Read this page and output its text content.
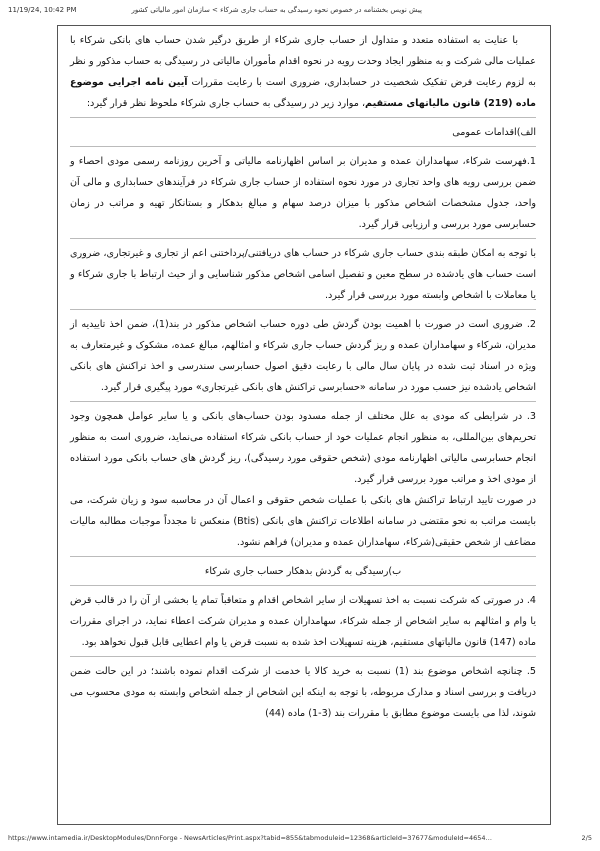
11/19/24, 10:42 PM	پیش نویس بخشنامه در خصوص نحوه رسیدگی به حساب جاری شرکاء > سازمان امور مالیاتی کشور

با عنایت به استفاده متعدد و متداول از حساب جاری شرکاء از طریق درگیر شدن حساب های بانکی شرکاء با عملیات مالی شرکت و به منظور ایجاد وحدت رویه در نحوه اقدام مأموران مالیاتی در رسیدگی به حساب مذکور و نظر به لزوم رعایت فرض تفکیک شخصیت در حسابداری، ضروری است با رعایت مقررات آیین نامه اجرایی موضوع ماده (219) قانون مالیاتهای مستقیم، موارد زیر در رسیدگی به حساب جاری شرکاء ملحوظ نظر قرار گیرد:

الف)اقدامات عمومی

1.فهرست شرکاء، سهامداران عمده و مدیران بر اساس اظهارنامه مالیاتی و آخرین روزنامه رسمی مودی احصاء و ضمن بررسی رویه های واحد تجاری در مورد نحوه استفاده از حساب جاری شرکاء در فرآیندهای حسابداری و مالی آن واحد، جدول مشخصات اشخاص مذکور با میزان درصد سهام و مبالغ بدهکار و بستانکار تهیه و مراتب در زمان حسابرسی مورد بررسی و ارزیابی قرار گیرد.

با توجه به امکان طبقه بندی حساب جاری شرکاء در حساب های دریافتنی/پرداختنی اعم از تجاری و غیرتجاری، ضروری است حساب های یادشده در سطح معین و تفصیل اسامی اشخاص مذکور شناسایی و از حیث ارتباط با جاری شرکاء و یا معاملات با اشخاص وابسته مورد بررسی قرار گیرد.

2. ضروری است در صورت با اهمیت بودن گردش طی دوره حساب اشخاص مذکور در بند(1)، ضمن اخذ تاییدیه از مدیران، شرکاء و سهامداران عمده و ریز گردش حساب جاری شرکاء و امثالهم، مبالغ عمده، مشکوک و غیرمتعارف به ویژه در اسناد ثبت شده در پایان سال مالی با رعایت دقیق اصول حسابرسی سندرسی و اخذ تراکنش های بانکی اشخاص یادشده نیز حسب مورد در سامانه «حسابرسی تراکنش های بانکی غیرتجاری» مورد پیگیری قرار گیرد.

3. در شرایطی که مودی به علل مختلف از جمله مسدود بودن حساب‌های بانکی و یا سایر عوامل همچون وجود تحریم‌های بین‌المللی، به منظور انجام عملیات خود از حساب بانکی شرکاء استفاده می‌نماید، ضروری است به منظور انجام حسابرسی مالیاتی اظهارنامه مودی (شخص حقوقی مورد رسیدگی)، ریز گردش های حساب بانکی مورد استفاده از مودی اخذ و مراتب مورد بررسی قرار گیرد.

در صورت تایید ارتباط تراکنش های بانکی با عملیات شخص حقوقی و اعمال آن در محاسبه سود و زیان شرکت، می بایست مراتب به نحو مقتضی در سامانه اطلاعات تراکنش های بانکی (Btis) منعکس تا مجدداً موجبات مطالبه مالیات مضاعف از شخص حقیقی(شرکاء، سهامداران عمده و مدیران) فراهم نشود.

ب)رسیدگی به گردش بدهکار حساب جاری شرکاء

4. در صورتی که شرکت نسبت به اخذ تسهیلات از سایر اشخاص اقدام و متعاقباً تمام یا بخشی از آن را در قالب قرض یا وام و امثالهم به سایر اشخاص از جمله شرکاء، سهامداران عمده و مدیران شرکت اعطاء نماید، در اجرای مقررات ماده (147) قانون مالیاتهای مستقیم، هزینه تسهیلات اخذ شده به نسبت قرض یا وام اعطایی قابل قبول نخواهد بود.

5. چنانچه اشخاص موضوع بند (1) نسبت به خرید کالا یا خدمت از شرکت اقدام نموده باشند؛ در این حالت ضمن دریافت و بررسی اسناد و مدارک مربوطه، با توجه به اینکه این اشخاص از جمله اشخاص وابسته به مودی محسوب می شوند، لذا می بایست موضوع مطابق با مقررات بند (3-1) ماده (44)

https://www.intamedia.ir/DesktopModules/DnnForge - NewsArticles/Print.aspx?tabid=855&tabmoduleid=12368&articleId=37677&moduleId=4654…	2/5
